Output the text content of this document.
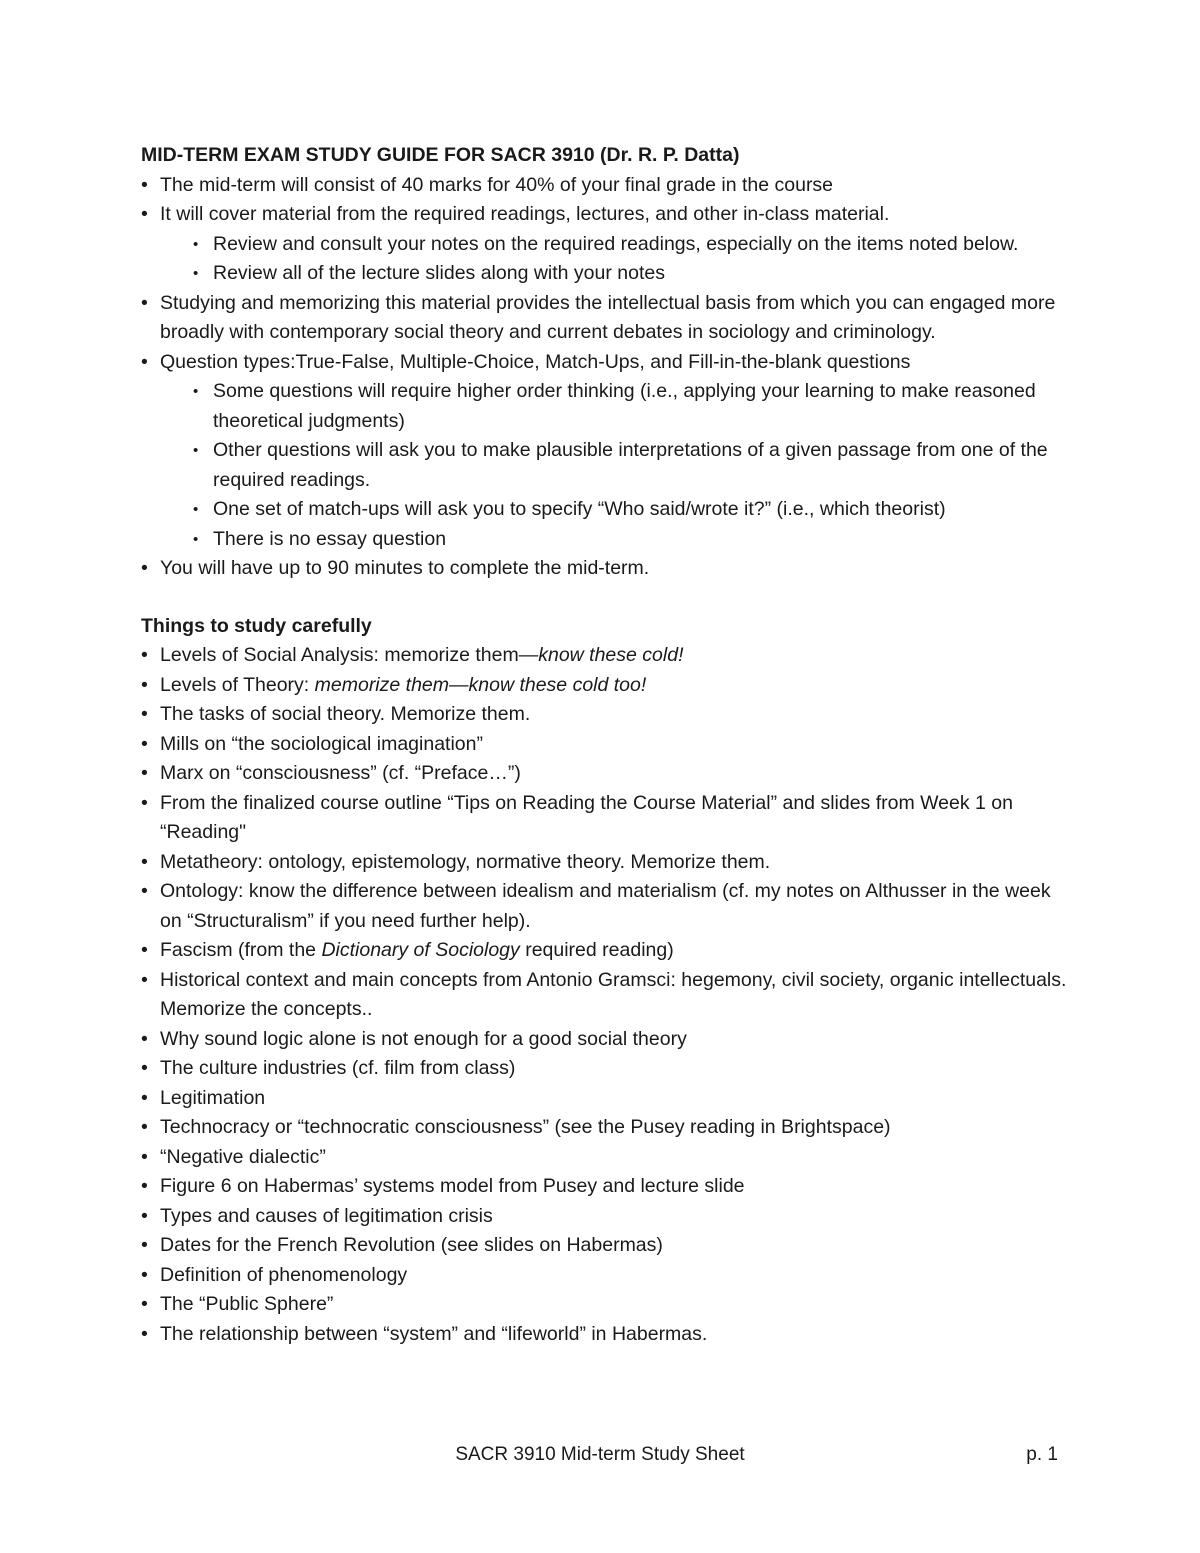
MID-TERM EXAM STUDY GUIDE FOR SACR 3910 (Dr. R. P. Datta)

• The mid-term will consist of 40 marks for 40% of your final grade in the course
• It will cover material from the required readings, lectures, and other in-class material.
• Review and consult your notes on the required readings, especially on the items noted below.
• Review all of the lecture slides along with your notes
• Studying and memorizing this material provides the intellectual basis from which you can engaged more broadly with contemporary social theory and current debates in sociology and criminology.
• Question types:True-False, Multiple-Choice, Match-Ups, and Fill-in-the-blank questions
• Some questions will require higher order thinking (i.e., applying your learning to make reasoned theoretical judgments)
• Other questions will ask you to make plausible interpretations of a given passage from one of the required readings.
• One set of match-ups will ask you to specify “Who said/wrote it?” (i.e., which theorist)
• There is no essay question
• You will have up to 90 minutes to complete the mid-term.

Things to study carefully

• Levels of Social Analysis: memorize them—know these cold!
• Levels of Theory: memorize them—know these cold too!
• The tasks of social theory. Memorize them.
• Mills on “the sociological imagination”
• Marx on “consciousness” (cf. “Preface…”)
• From the finalized course outline “Tips on Reading the Course Material” and slides from Week 1 on “Reading"
• Metatheory: ontology, epistemology, normative theory. Memorize them.
• Ontology: know the difference between idealism and materialism (cf. my notes on Althusser in the week on “Structuralism” if you need further help).
• Fascism (from the Dictionary of Sociology required reading)
• Historical context and main concepts from Antonio Gramsci: hegemony, civil society, organic intellectuals. Memorize the concepts..
• Why sound logic alone is not enough for a good social theory
• The culture industries (cf. film from class)
• Legitimation
• Technocracy or “technocratic consciousness” (see the Pusey reading in Brightspace)
• “Negative dialectic”
• Figure 6 on Habermas’ systems model from Pusey and lecture slide
• Types and causes of legitimation crisis
• Dates for the French Revolution (see slides on Habermas)
• Definition of phenomenology
• The “Public Sphere”
• The relationship between “system” and “lifeworld” in Habermas.
SACR 3910 Mid-term Study Sheet	p. 1
